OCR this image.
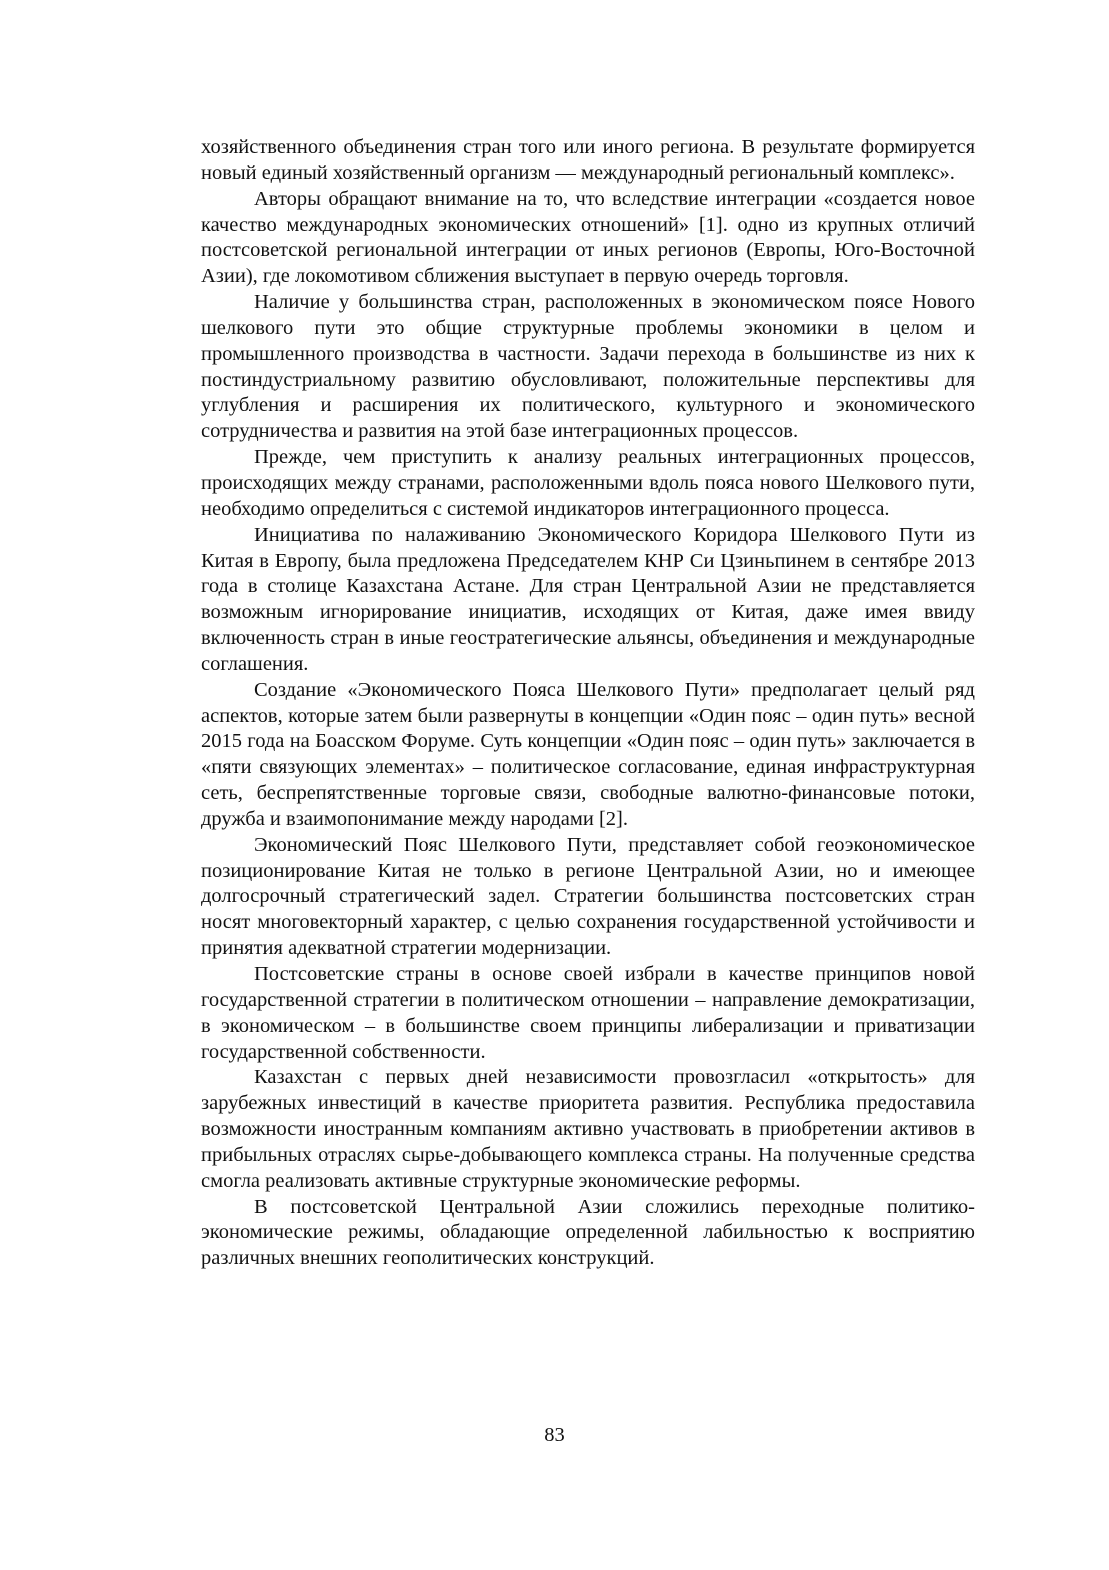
хозяйственного объединения стран того или иного региона. В результате формируется новый единый хозяйственный организм — международный региональный комплекс».

Авторы обращают внимание на то, что вследствие интеграции «создается новое качество международных экономических отношений» [1]. одно из крупных отличий постсоветской региональной интеграции от иных регионов (Европы, Юго-Восточной Азии), где локомотивом сближения выступает в первую очередь торговля.

Наличие у большинства стран, расположенных в экономическом поясе Нового шелкового пути это общие структурные проблемы экономики в целом и промышленного производства в частности. Задачи перехода в большинстве из них к постиндустриальному развитию обусловливают, положительные перспективы для углубления и расширения их политического, культурного и экономического сотрудничества и развития на этой базе интеграционных процессов.

Прежде, чем приступить к анализу реальных интеграционных процессов, происходящих между странами, расположенными вдоль пояса нового Шелкового пути, необходимо определиться с системой индикаторов интеграционного процесса.

Инициатива по налаживанию Экономического Коридора Шелкового Пути из Китая в Европу, была предложена Председателем КНР Си Цзиньпинем в сентябре 2013 года в столице Казахстана Астане. Для стран Центральной Азии не представляется возможным игнорирование инициатив, исходящих от Китая, даже имея ввиду включенность стран в иные геостратегические альянсы, объединения и международные соглашения.

Создание «Экономического Пояса Шелкового Пути» предполагает целый ряд аспектов, которые затем были развернуты в концепции «Один пояс – один путь» весной 2015 года на Боасском Форуме. Суть концепции «Один пояс – один путь» заключается в «пяти связующих элементах» – политическое согласование, единая инфраструктурная сеть, беспрепятственные торговые связи, свободные валютно-финансовые потоки, дружба и взаимопонимание между народами [2].

Экономический Пояс Шелкового Пути, представляет собой геоэкономическое позиционирование Китая не только в регионе Центральной Азии, но и имеющее долгосрочный стратегический задел. Стратегии большинства постсоветских стран носят многовекторный характер, с целью сохранения государственной устойчивости и принятия адекватной стратегии модернизации.

Постсоветские страны в основе своей избрали в качестве принципов новой государственной стратегии в политическом отношении – направление демократизации, в экономическом – в большинстве своем принципы либерализации и приватизации государственной собственности.

Казахстан с первых дней независимости провозгласил «открытость» для зарубежных инвестиций в качестве приоритета развития. Республика предоставила возможности иностранным компаниям активно участвовать в приобретении активов в прибыльных отраслях сырье-добывающего комплекса страны. На полученные средства смогла реализовать активные структурные экономические реформы.

В постсоветской Центральной Азии сложились переходные политико-экономические режимы, обладающие определенной лабильностью к восприятию различных внешних геополитических конструкций.

83
